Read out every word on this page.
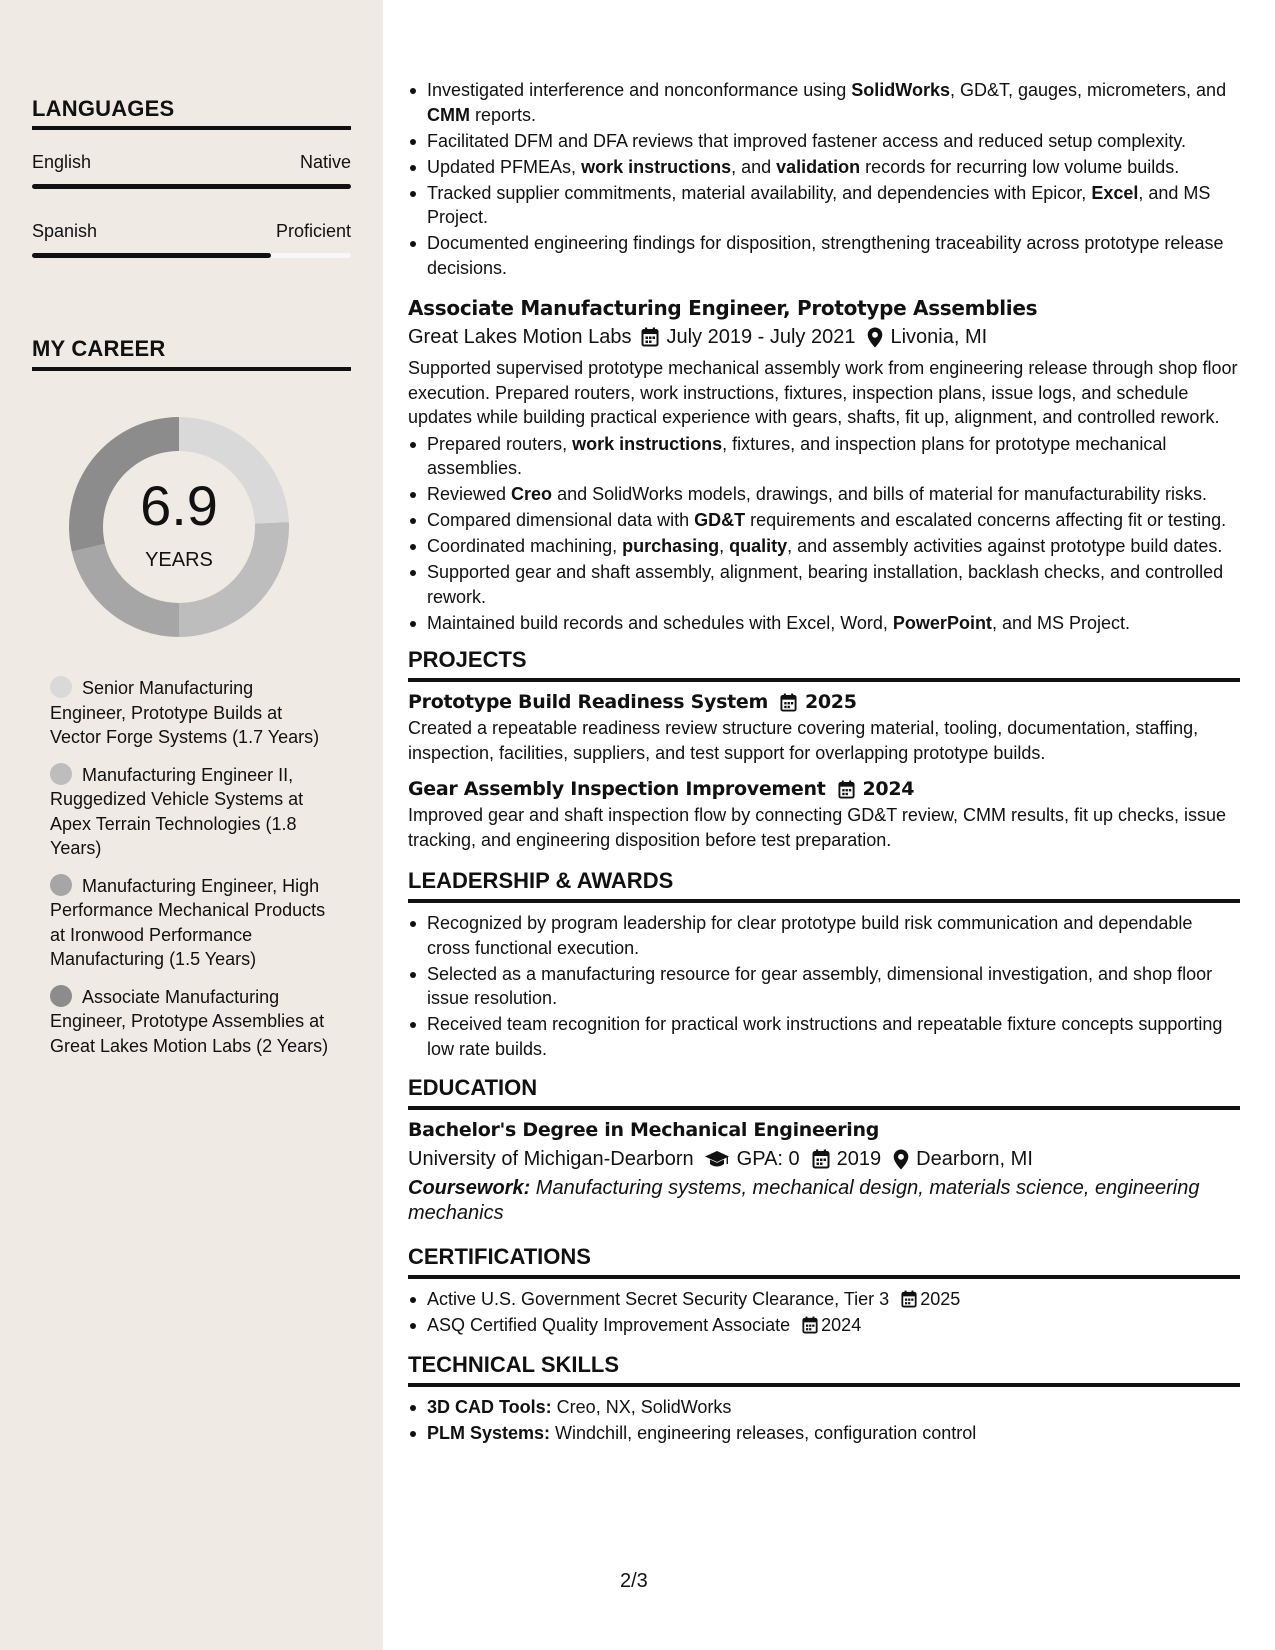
LANGUAGES
English	Native
Spanish	Proficient
MY CAREER
6.9
YEARS
Senior Manufacturing Engineer, Prototype Builds at Vector Forge Systems (1.7 Years)
Manufacturing Engineer II, Ruggedized Vehicle Systems at Apex Terrain Technologies (1.8 Years)
Manufacturing Engineer, High Performance Mechanical Products at Ironwood Performance Manufacturing (1.5 Years)
Associate Manufacturing Engineer, Prototype Assemblies at Great Lakes Motion Labs (2 Years)
Investigated interference and nonconformance using SolidWorks, GD&T, gauges, micrometers, and CMM reports.
Facilitated DFM and DFA reviews that improved fastener access and reduced setup complexity.
Updated PFMEAs, work instructions, and validation records for recurring low volume builds.
Tracked supplier commitments, material availability, and dependencies with Epicor, Excel, and MS Project.
Documented engineering findings for disposition, strengthening traceability across prototype release decisions.
Associate Manufacturing Engineer, Prototype Assemblies
Great Lakes Motion Labs July 2019 - July 2021 Livonia, MI

Supported supervised prototype mechanical assembly work from engineering release through shop floor execution. Prepared routers, work instructions, fixtures, inspection plans, issue logs, and schedule updates while building practical experience with gears, shafts, fit up, alignment, and controlled rework.

Prepared routers, work instructions, fixtures, and inspection plans for prototype mechanical assemblies.
Reviewed Creo and SolidWorks models, drawings, and bills of material for manufacturability risks.
Compared dimensional data with GD&T requirements and escalated concerns affecting fit or testing.
Coordinated machining, purchasing, quality, and assembly activities against prototype build dates.
Supported gear and shaft assembly, alignment, bearing installation, backlash checks, and controlled rework.
Maintained build records and schedules with Excel, Word, PowerPoint, and MS Project.
PROJECTS
Prototype Build Readiness System 2025

Created a repeatable readiness review structure covering material, tooling, documentation, staffing, inspection, facilities, suppliers, and test support for overlapping prototype builds.

Gear Assembly Inspection Improvement 2024

Improved gear and shaft inspection flow by connecting GD&T review, CMM results, fit up checks, issue tracking, and engineering disposition before test preparation.

LEADERSHIP & AWARDS
Recognized by program leadership for clear prototype build risk communication and dependable cross functional execution.
Selected as a manufacturing resource for gear assembly, dimensional investigation, and shop floor issue resolution.
Received team recognition for practical work instructions and repeatable fixture concepts supporting low rate builds.
EDUCATION
Bachelor's Degree in Mechanical Engineering
University of Michigan-Dearborn GPA: 0 2019 Dearborn, MI

Coursework: Manufacturing systems, mechanical design, materials science, engineering mechanics

CERTIFICATIONS
Active U.S. Government Secret Security Clearance, Tier 3 2025
ASQ Certified Quality Improvement Associate 2024
TECHNICAL SKILLS
3D CAD Tools: Creo, NX, SolidWorks
PLM Systems: Windchill, engineering releases, configuration control
2/3
